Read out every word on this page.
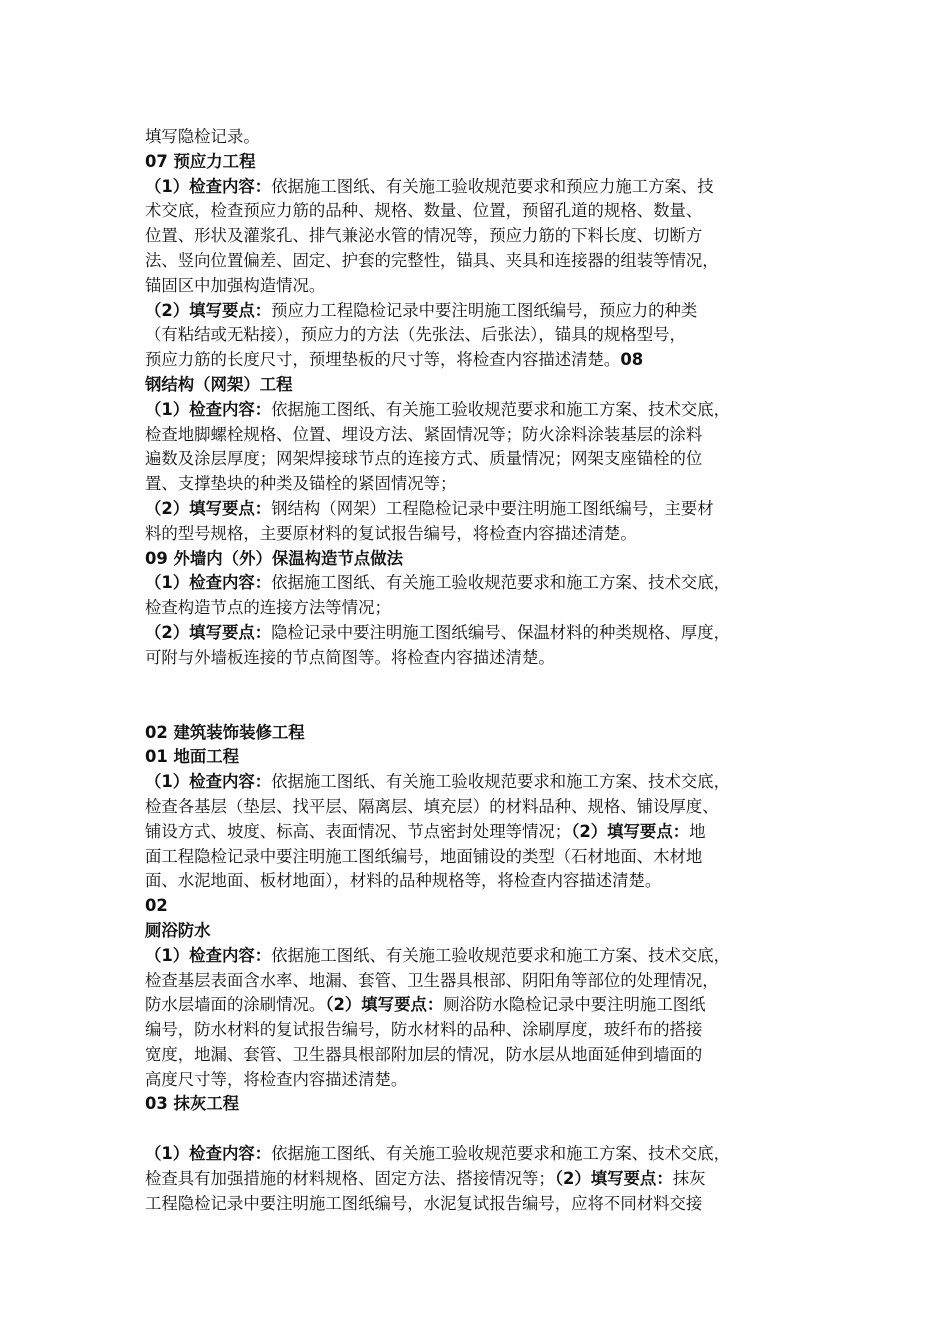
填写隐检记录。
07 预应力工程
（1）检查内容：依据施工图纸、有关施工验收规范要求和预应力施工方案、技
术交底，检查预应力筋的品种、规格、数量、位置，预留孔道的规格、数量、
位置、形状及灌浆孔、排气兼泌水管的情况等，预应力筋的下料长度、切断方
法、竖向位置偏差、固定、护套的完整性，锚具、夹具和连接器的组装等情况，
锚固区中加强构造情况。
（2）填写要点：预应力工程隐检记录中要注明施工图纸编号，预应力的种类
（有粘结或无粘接），预应力的方法（先张法、后张法），锚具的规格型号，
预应力筋的长度尺寸，预埋垫板的尺寸等，将检查内容描述清楚。08
钢结构（网架）工程
（1）检查内容：依据施工图纸、有关施工验收规范要求和施工方案、技术交底，
检查地脚螺栓规格、位置、埋设方法、紧固情况等；防火涂料涂装基层的涂料
遍数及涂层厚度；网架焊接球节点的连接方式、质量情况；网架支座锚栓的位
置、支撑垫块的种类及锚栓的紧固情况等；
（2）填写要点：钢结构（网架）工程隐检记录中要注明施工图纸编号，主要材
料的型号规格，主要原材料的复试报告编号，将检查内容描述清楚。
09 外墙内（外）保温构造节点做法
（1）检查内容：依据施工图纸、有关施工验收规范要求和施工方案、技术交底，
检查构造节点的连接方法等情况；
（2）填写要点：隐检记录中要注明施工图纸编号、保温材料的种类规格、厚度，
可附与外墙板连接的节点简图等。将检查内容描述清楚。
02 建筑装饰装修工程
01 地面工程
（1）检查内容：依据施工图纸、有关施工验收规范要求和施工方案、技术交底，
检查各基层（垫层、找平层、隔离层、填充层）的材料品种、规格、铺设厚度、
铺设方式、坡度、标高、表面情况、节点密封处理等情况；（2）填写要点：地
面工程隐检记录中要注明施工图纸编号，地面铺设的类型（石材地面、木材地
面、水泥地面、板材地面），材料的品种规格等，将检查内容描述清楚。
02
厕浴防水
（1）检查内容：依据施工图纸、有关施工验收规范要求和施工方案、技术交底，
检查基层表面含水率、地漏、套管、卫生器具根部、阴阳角等部位的处理情况，
防水层墙面的涂刷情况。（2）填写要点：厕浴防水隐检记录中要注明施工图纸
编号，防水材料的复试报告编号，防水材料的品种、涂刷厚度，玻纤布的搭接
宽度，地漏、套管、卫生器具根部附加层的情况，防水层从地面延伸到墙面的
高度尺寸等，将检查内容描述清楚。
03 抹灰工程
（1）检查内容：依据施工图纸、有关施工验收规范要求和施工方案、技术交底，
检查具有加强措施的材料规格、固定方法、搭接情况等；（2）填写要点：抹灰
工程隐检记录中要注明施工图纸编号，水泥复试报告编号，应将不同材料交接
